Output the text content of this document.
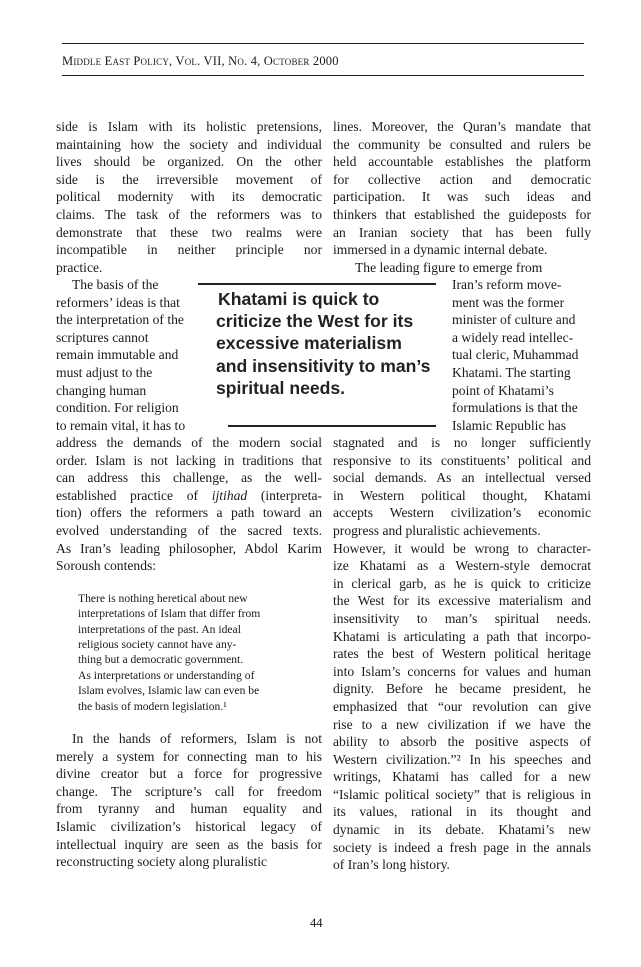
Middle East Policy, Vol. VII, No. 4, October 2000
side is Islam with its holistic pretensions,
maintaining how the society and individual
lives should be organized. On the other
side is the irreversible movement of
political modernity with its democratic
claims. The task of the reformers was to
demonstrate that these two realms were
incompatible in neither principle nor
practice.
The basis of the
reformers’ ideas is that
the interpretation of the
scriptures cannot
remain immutable and
must adjust to the
changing human
condition. For religion
to remain vital, it has to
Khatami is quick to
criticize the West for its
excessive materialism
and insensitivity to man’s
spiritual needs.
address the demands of the modern social
order. Islam is not lacking in traditions that
can address this challenge, as the well-
established practice of ijtihad (interpreta-
tion) offers the reformers a path toward an
evolved understanding of the sacred texts.
As Iran’s leading philosopher, Abdol Karim
Soroush contends:
There is nothing heretical about new
interpretations of Islam that differ from
interpretations of the past. An ideal
religious society cannot have any-
thing but a democratic government.
As interpretations or understanding of
Islam evolves, Islamic law can even be
the basis of modern legislation.¹
In the hands of reformers, Islam is not
merely a system for connecting man to his
divine creator but a force for progressive
change. The scripture’s call for freedom
from tyranny and human equality and
Islamic civilization’s historical legacy of
intellectual inquiry are seen as the basis for
reconstructing society along pluralistic
lines. Moreover, the Quran’s mandate that
the community be consulted and rulers be
held accountable establishes the platform
for collective action and democratic
participation. It was such ideas and
thinkers that established the guideposts for
an Iranian society that has been fully
immersed in a dynamic internal debate.
The leading figure to emerge from
Iran’s reform move-
ment was the former
minister of culture and
a widely read intellec-
tual cleric, Muhammad
Khatami. The starting
point of Khatami’s
formulations is that the
Islamic Republic has
stagnated and is no longer sufficiently
responsive to its constituents’ political and
social demands. As an intellectual versed
in Western political thought, Khatami
accepts Western civilization’s economic
progress and pluralistic achievements.
However, it would be wrong to character-
ize Khatami as a Western-style democrat
in clerical garb, as he is quick to criticize
the West for its excessive materialism and
insensitivity to man’s spiritual needs.
Khatami is articulating a path that incorpo-
rates the best of Western political heritage
into Islam’s concerns for values and human
dignity. Before he became president, he
emphasized that “our revolution can give
rise to a new civilization if we have the
ability to absorb the positive aspects of
Western civilization.”² In his speeches and
writings, Khatami has called for a new
“Islamic political society” that is religious in
its values, rational in its thought and
dynamic in its debate. Khatami’s new
society is indeed a fresh page in the annals
of Iran’s long history.
44
